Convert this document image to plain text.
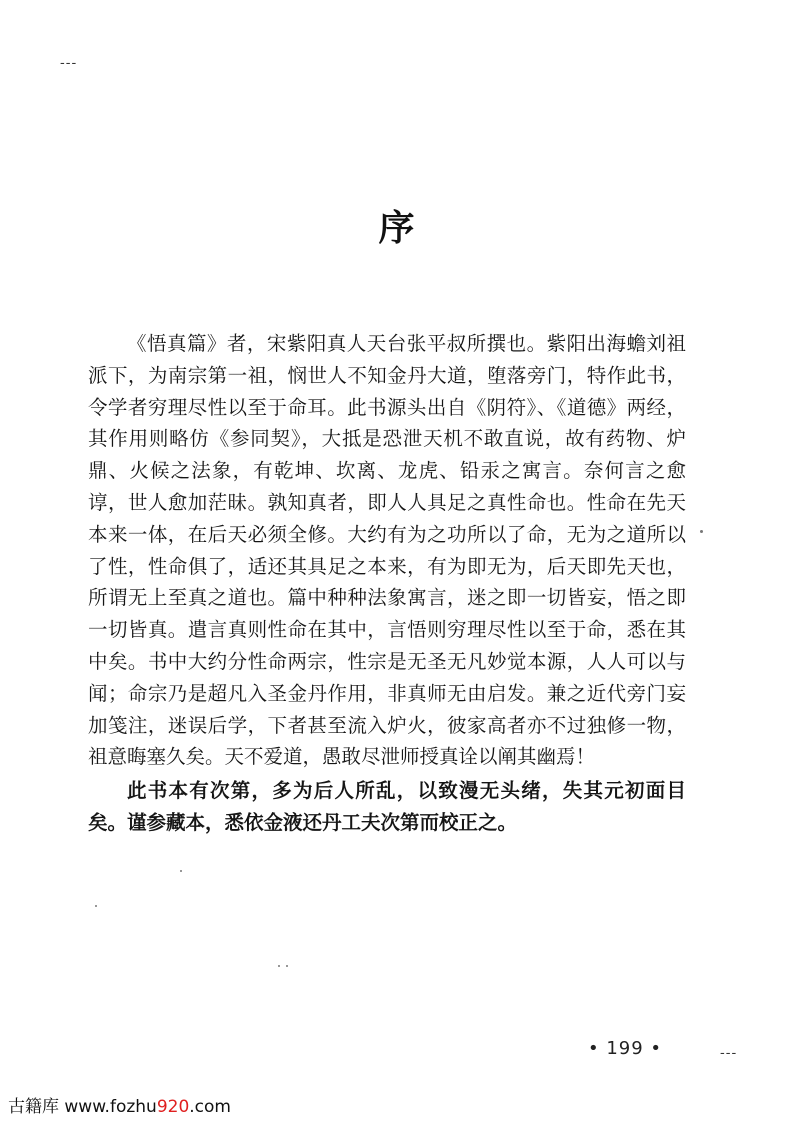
---
序

《悟真篇》者，宋紫阳真人天台张平叔所撰也。紫阳出海蟾刘祖派下，为南宗第一祖，悯世人不知金丹大道，堕落旁门，特作此书，令学者穷理尽性以至于命耳。此书源头出自《阴符》、《道德》两经，其作用则略仿《参同契》，大抵是恐泄天机不敢直说，故有药物、炉鼎、火候之法象，有乾坤、坎离、龙虎、铅汞之寓言。奈何言之愈谆，世人愈加茫昧。孰知真者，即人人具足之真性命也。性命在先天本来一体，在后天必须全修。大约有为之功所以了命，无为之道所以了性，性命俱了，适还其具足之本来，有为即无为，后天即先天也，所谓无上至真之道也。篇中种种法象寓言，迷之即一切皆妄，悟之即一切皆真。遣言真则性命在其中，言悟则穷理尽性以至于命，悉在其中矣。书中大约分性命两宗，性宗是无圣无凡妙觉本源，人人可以与闻；命宗乃是超凡入圣金丹作用，非真师无由启发。兼之近代旁门妄加笺注，迷误后学，下者甚至流入炉火，彼家高者亦不过独修一物，祖意晦塞久矣。天不爱道，愚敢尽泄师授真诠以阐其幽焉！

此书本有次第，多为后人所乱，以致漫无头绪，失其元初面目矣。谨参藏本，悉依金液还丹工夫次第而校正之。

• 199 •	---
古籍库 www.fozhu920.com
